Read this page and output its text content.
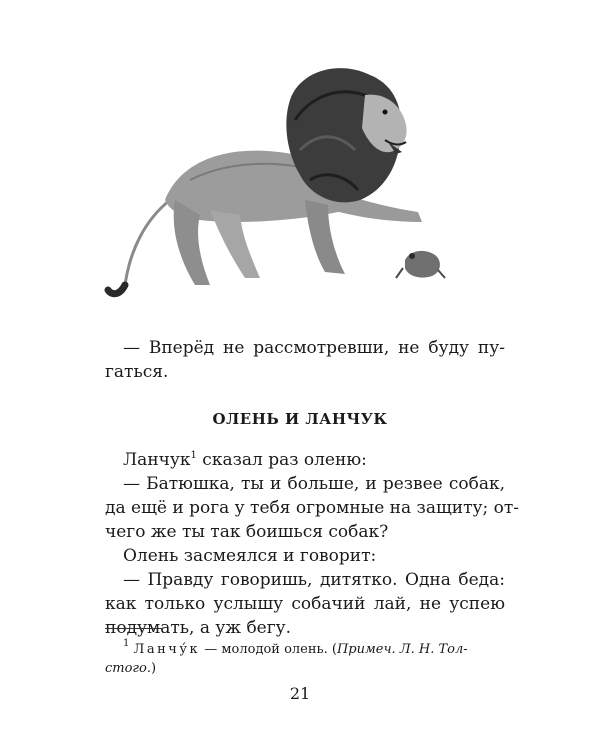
— Вперёд не рассмотревши, не буду пу-
гаться.
ОЛЕНЬ И ЛАНЧУК
Ланчук$^1$ сказал раз оленю:
— Батюшка, ты и больше, и резвее собак,
да ещё и рога у тебя огромные на защиту; от-
чего же ты так боишься собак?
Олень засмеялся и говорит:
— Правду говоришь, дитятко. Одна беда:
как только услышу собачий лай, не успею
подумать, а уж бегу.
$^1$ Ланчу́к — молодой олень. (Примеч. Л. Н. Тол-
стого.)
21
